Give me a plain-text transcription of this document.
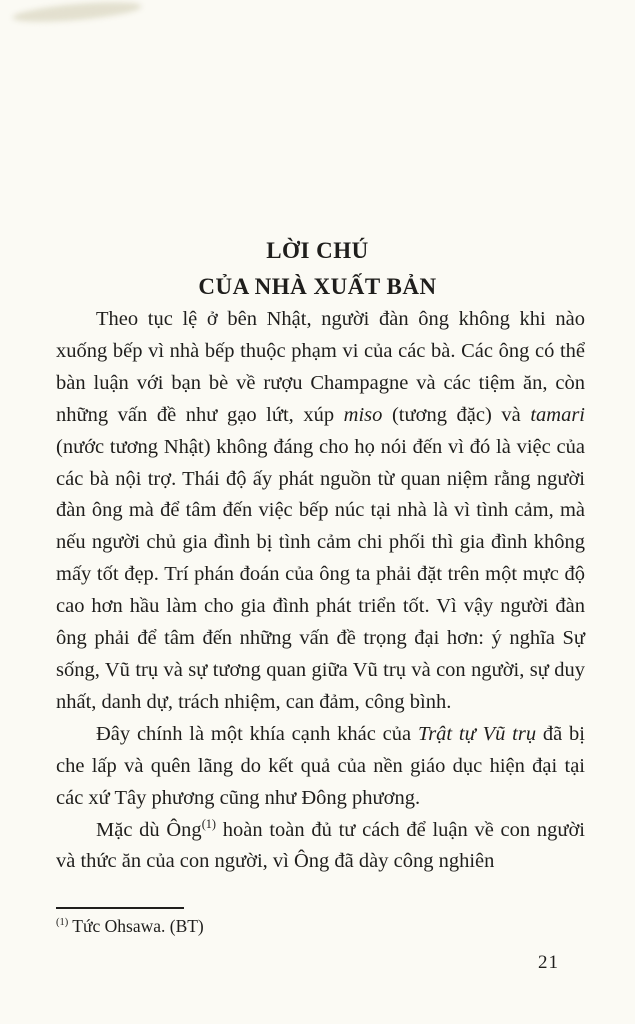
LỜI CHÚ
CỦA NHÀ XUẤT BẢN

Theo tục lệ ở bên Nhật, người đàn ông không khi nào xuống bếp vì nhà bếp thuộc phạm vi của các bà. Các ông có thể bàn luận với bạn bè về rượu Champagne và các tiệm ăn, còn những vấn đề như gạo lứt, xúp miso (tương đặc) và tamari (nước tương Nhật) không đáng cho họ nói đến vì đó là việc của các bà nội trợ. Thái độ ấy phát nguồn từ quan niệm rằng người đàn ông mà để tâm đến việc bếp núc tại nhà là vì tình cảm, mà nếu người chủ gia đình bị tình cảm chi phối thì gia đình không mấy tốt đẹp. Trí phán đoán của ông ta phải đặt trên một mực độ cao hơn hầu làm cho gia đình phát triển tốt. Vì vậy người đàn ông phải để tâm đến những vấn đề trọng đại hơn: ý nghĩa Sự sống, Vũ trụ và sự tương quan giữa Vũ trụ và con người, sự duy nhất, danh dự, trách nhiệm, can đảm, công bình.

Đây chính là một khía cạnh khác của Trật tự Vũ trụ đã bị che lấp và quên lãng do kết quả của nền giáo dục hiện đại tại các xứ Tây phương cũng như Đông phương.

Mặc dù Ông$^{(1)}$ hoàn toàn đủ tư cách để luận về con người và thức ăn của con người, vì Ông đã dày công nghiên

$^{(1)}$ Tức Ohsawa. (BT)
21
